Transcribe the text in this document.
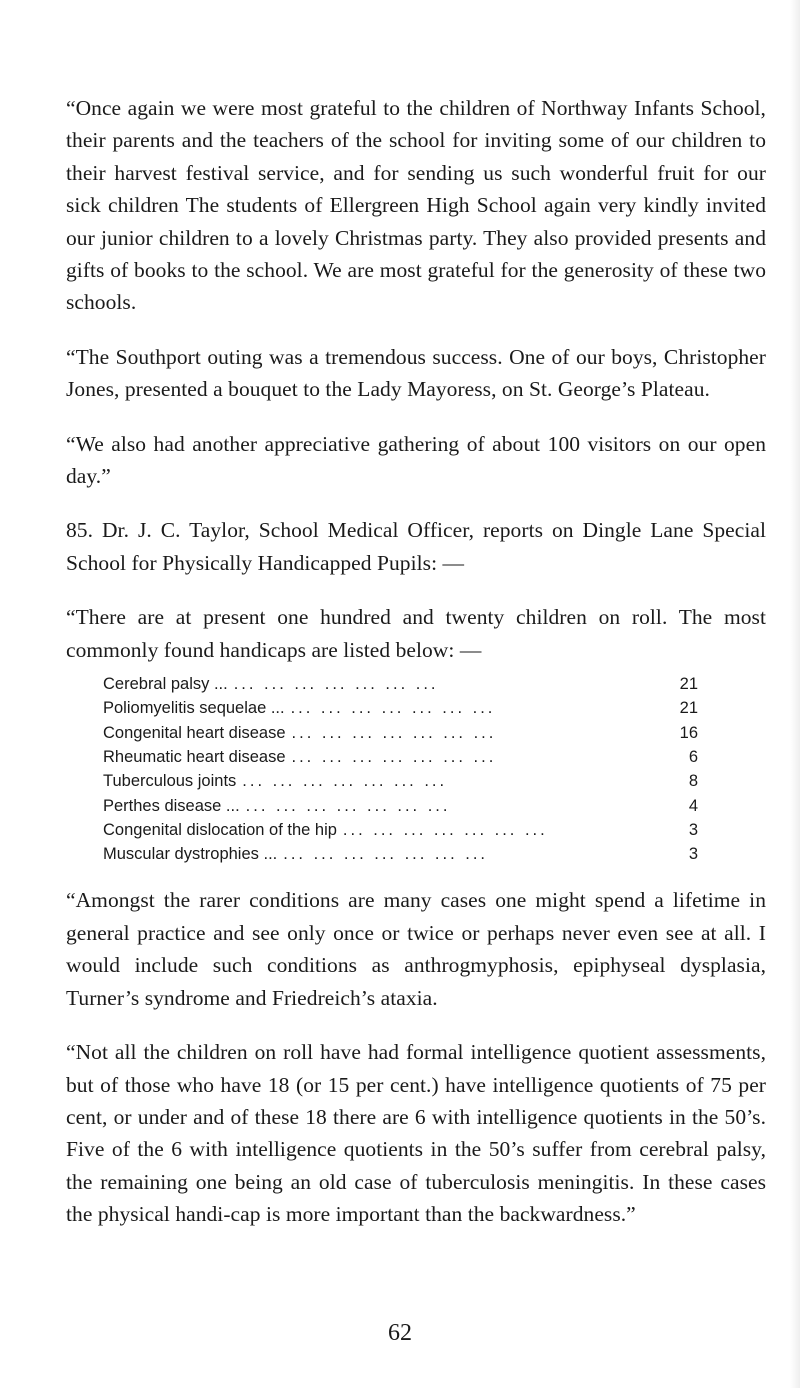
“Once again we were most grateful to the children of Northway Infants School, their parents and the teachers of the school for inviting some of our children to their harvest festival service, and for sending us such wonderful fruit for our sick children The students of Ellergreen High School again very kindly invited our junior children to a lovely Christmas party. They also provided presents and gifts of books to the school. We are most grateful for the generosity of these two schools.

“The Southport outing was a tremendous success. One of our boys, Christopher Jones, presented a bouquet to the Lady Mayoress, on St. George’s Plateau.

“We also had another appreciative gathering of about 100 visitors on our open day.”

85. Dr. J. C. Taylor, School Medical Officer, reports on Dingle Lane Special School for Physically Handicapped Pupils: —

“There are at present one hundred and twenty children on roll. The most commonly found handicaps are listed below: —

Cerebral palsy ... ... ... ... ... ... ... ...	21
Poliomyelitis sequelae ... ... ... ... ... ... ... ...	21
Congenital heart disease ... ... ... ... ... ... ...	16
Rheumatic heart disease ... ... ... ... ... ... ...	6
Tuberculous joints ... ... ... ... ... ... ...	8
Perthes disease ... ... ... ... ... ... ... ...	4
Congenital dislocation of the hip ... ... ... ... ... ... ...	3
Muscular dystrophies ... ... ... ... ... ... ... ...	3

“Amongst the rarer conditions are many cases one might spend a lifetime in general practice and see only once or twice or perhaps never even see at all. I would include such conditions as anthrogmyphosis, epiphyseal dysplasia, Turner’s syndrome and Friedreich’s ataxia.

“Not all the children on roll have had formal intelligence quotient assessments, but of those who have 18 (or 15 per cent.) have intelligence quotients of 75 per cent, or under and of these 18 there are 6 with intelligence quotients in the 50’s. Five of the 6 with intelligence quotients in the 50’s suffer from cerebral palsy, the remaining one being an old case of tuberculosis meningitis. In these cases the physical handi-cap is more important than the backwardness.”

62
